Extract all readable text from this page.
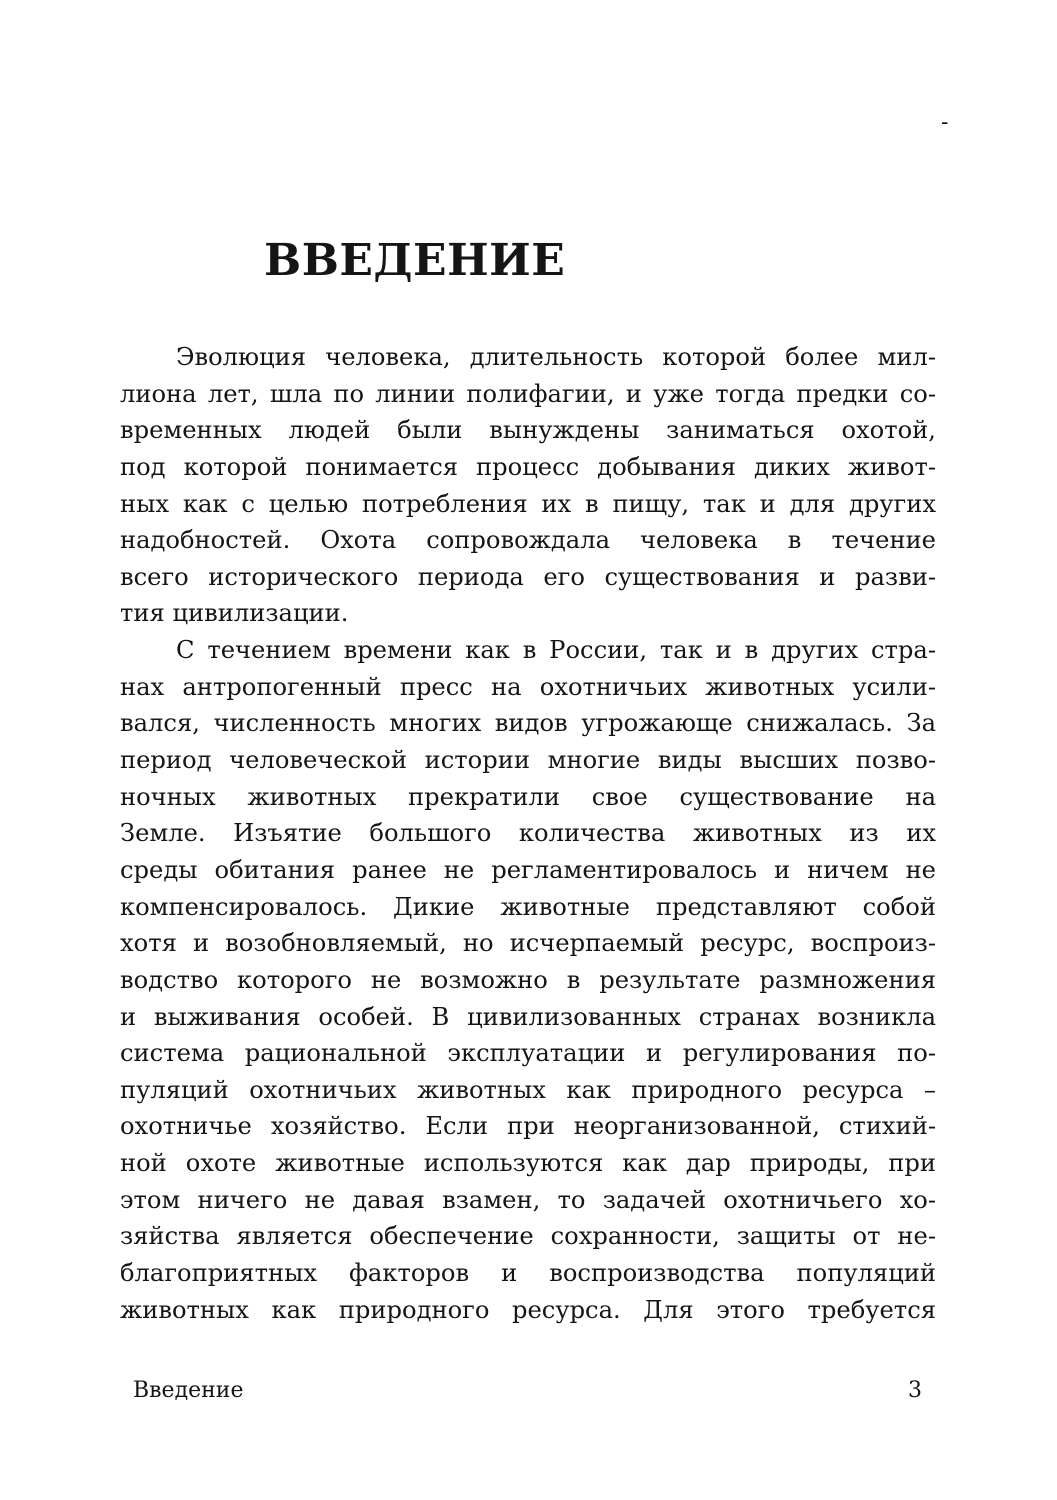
-
ВВЕДЕНИЕ
Эволюция человека, длительность которой более мил-
лиона лет, шла по линии полифагии, и уже тогда предки со-
временных людей были вынуждены заниматься охотой,
под которой понимается процесс добывания диких живот-
ных как с целью потребления их в пищу, так и для других
надобностей. Охота сопровождала человека в течение
всего исторического периода его существования и разви-
тия цивилизации.
С течением времени как в России, так и в других стра-
нах антропогенный пресс на охотничьих животных усили-
вался, численность многих видов угрожающе снижалась. За
период человеческой истории многие виды высших позво-
ночных животных прекратили свое существование на
Земле. Изъятие большого количества животных из их
среды обитания ранее не регламентировалось и ничем не
компенсировалось. Дикие животные представляют собой
хотя и возобновляемый, но исчерпаемый ресурс, воспроиз-
водство которого не возможно в результате размножения
и выживания особей. В цивилизованных странах возникла
система рациональной эксплуатации и регулирования по-
пуляций охотничьих животных как природного ресурса –
охотничье хозяйство. Если при неорганизованной, стихий-
ной охоте животные используются как дар природы, при
этом ничего не давая взамен, то задачей охотничьего хо-
зяйства является обеспечение сохранности, защиты от не-
благоприятных факторов и воспроизводства популяций
животных как природного ресурса. Для этого требуется
Введение	3
